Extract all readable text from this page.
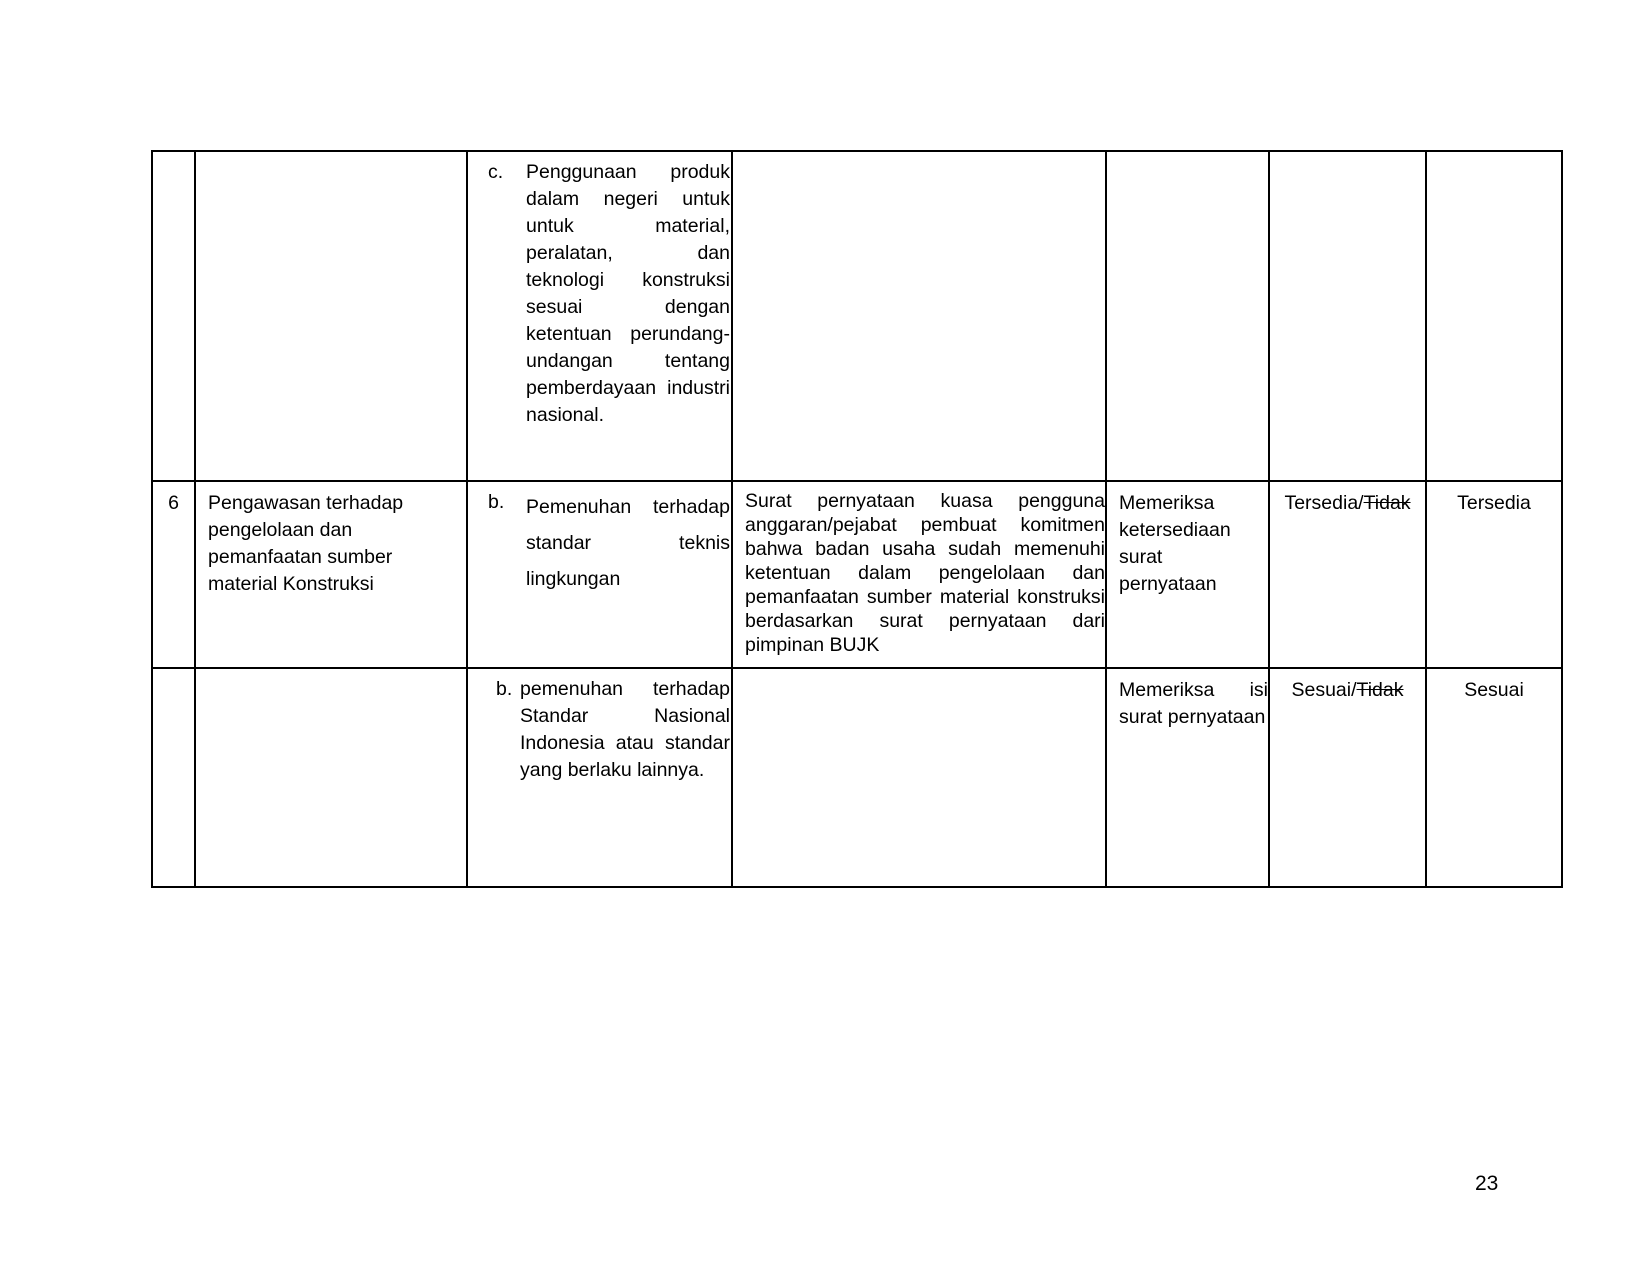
		c. Penggunaan produk dalam negeri untuk untuk material, peralatan, dan teknologi konstruksi sesuai dengan ketentuan perundang-undangan tentang pemberdayaan industri nasional.				

6	Pengawasan terhadap pengelolaan dan pemanfaatan sumber material Konstruksi	b. Pemenuhan terhadap standar teknis lingkungan	Surat pernyataan kuasa pengguna anggaran/pejabat pembuat komitmen bahwa badan usaha sudah memenuhi ketentuan dalam pengelolaan dan pemanfaatan sumber material konstruksi berdasarkan surat pernyataan dari pimpinan BUJK	Memeriksa ketersediaan surat pernyataan	Tersedia/Tidak	Tersedia

		b. pemenuhan terhadap Standar Nasional Indonesia atau standar yang berlaku lainnya.		Memeriksa isi surat pernyataan	Sesuai/Tidak	Sesuai
23
